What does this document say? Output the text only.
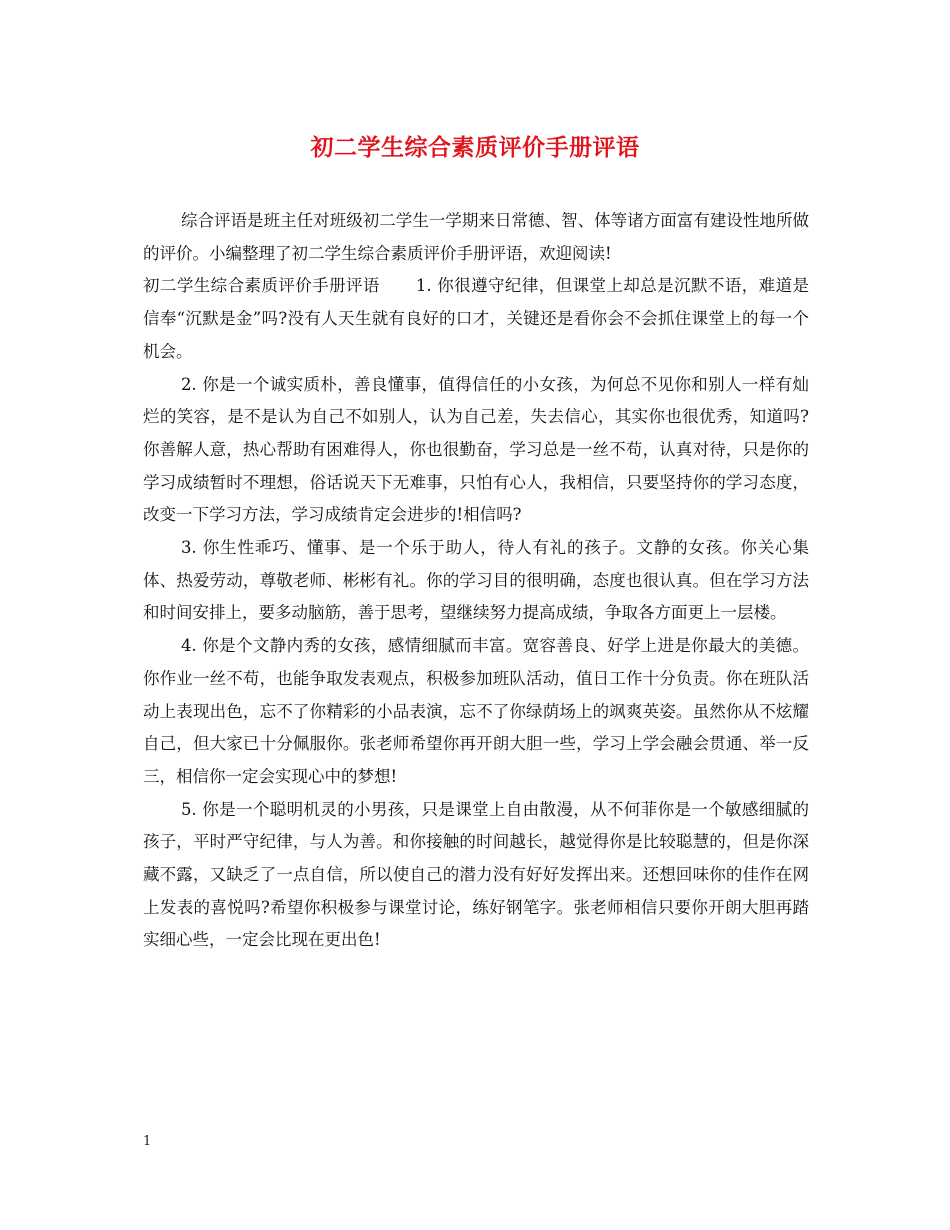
初二学生综合素质评价手册评语

综合评语是班主任对班级初二学生一学期来日常德、智、体等诸方面富有建设性地所做的评价。小编整理了初二学生综合素质评价手册评语，欢迎阅读!

初二学生综合素质评价手册评语 1. 你很遵守纪律，但课堂上却总是沉默不语，难道是信奉“沉默是金”吗?没有人天生就有良好的口才，关键还是看你会不会抓住课堂上的每一个机会。

2. 你是一个诚实质朴，善良懂事，值得信任的小女孩，为何总不见你和别人一样有灿烂的笑容，是不是认为自己不如别人，认为自己差，失去信心，其实你也很优秀，知道吗?你善解人意，热心帮助有困难得人，你也很勤奋，学习总是一丝不苟，认真对待，只是你的学习成绩暂时不理想，俗话说天下无难事，只怕有心人，我相信，只要坚持你的学习态度，改变一下学习方法，学习成绩肯定会进步的!相信吗?

3. 你生性乖巧、懂事、是一个乐于助人，待人有礼的孩子。文静的女孩。你关心集体、热爱劳动，尊敬老师、彬彬有礼。你的学习目的很明确，态度也很认真。但在学习方法和时间安排上，要多动脑筋，善于思考，望继续努力提高成绩，争取各方面更上一层楼。

4. 你是个文静内秀的女孩，感情细腻而丰富。宽容善良、好学上进是你最大的美德。你作业一丝不苟，也能争取发表观点，积极参加班队活动，值日工作十分负责。你在班队活动上表现出色，忘不了你精彩的小品表演，忘不了你绿荫场上的飒爽英姿。虽然你从不炫耀自己，但大家已十分佩服你。张老师希望你再开朗大胆一些，学习上学会融会贯通、举一反三，相信你一定会实现心中的梦想!

5. 你是一个聪明机灵的小男孩，只是课堂上自由散漫，从不何菲你是一个敏感细腻的孩子，平时严守纪律，与人为善。和你接触的时间越长，越觉得你是比较聪慧的，但是你深藏不露，又缺乏了一点自信，所以使自己的潜力没有好好发挥出来。还想回味你的佳作在网上发表的喜悦吗?希望你积极参与课堂讨论，练好钢笔字。张老师相信只要你开朗大胆再踏实细心些，一定会比现在更出色!

1
